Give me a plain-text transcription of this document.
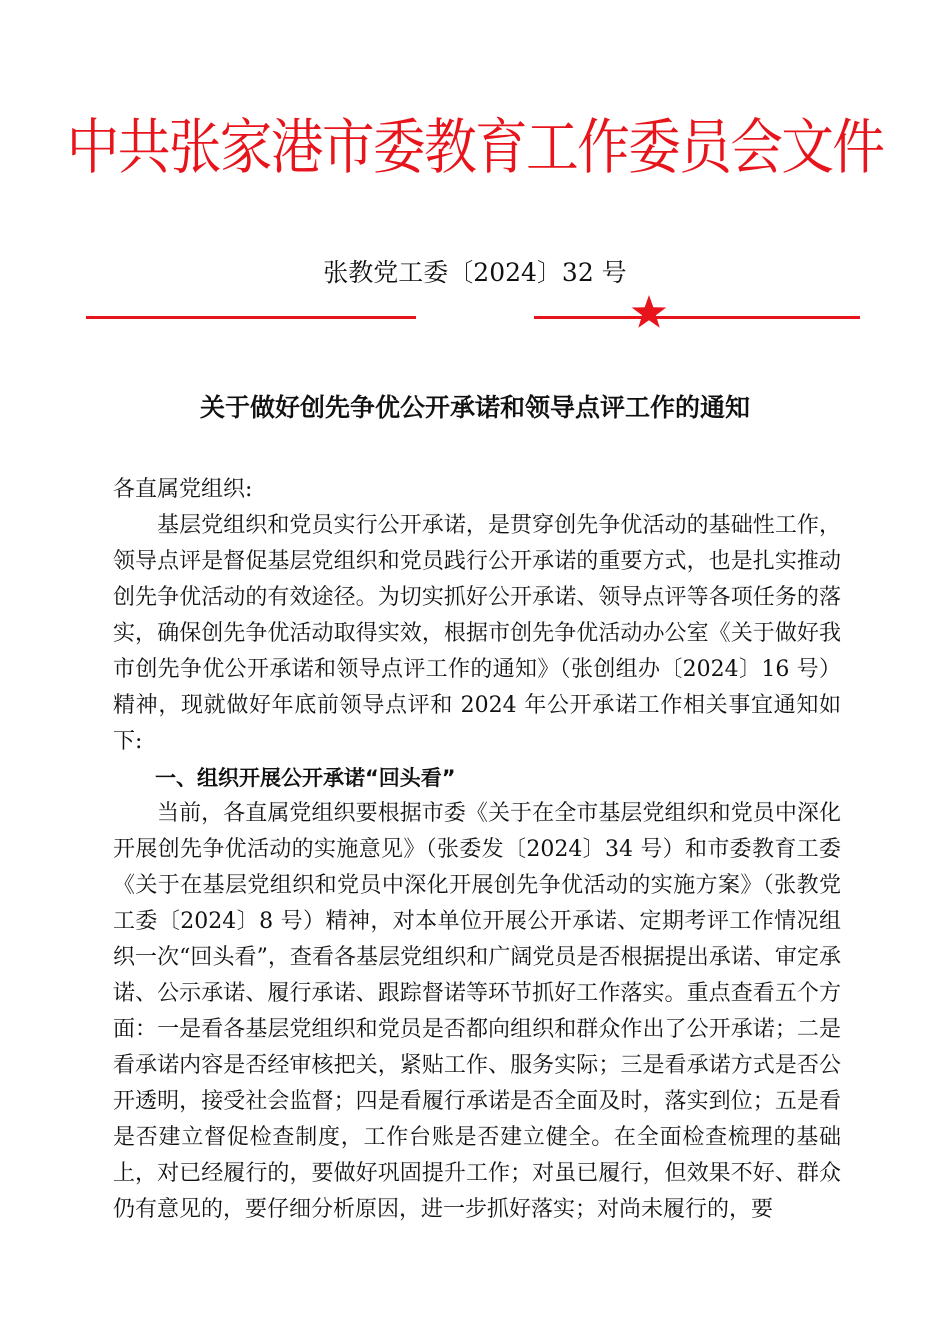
中共张家港市委教育工作委员会文件
张教党工委〔2024〕32 号
关于做好创先争优公开承诺和领导点评工作的通知

各直属党组织:

基层党组织和党员实行公开承诺，是贯穿创先争优活动的基础性工作，领导点评是督促基层党组织和党员践行公开承诺的重要方式，也是扎实推动创先争优活动的有效途径。为切实抓好公开承诺、领导点评等各项任务的落实，确保创先争优活动取得实效，根据市创先争优活动办公室《关于做好我市创先争优公开承诺和领导点评工作的通知》（张创组办〔2024〕16 号）精神，现就做好年底前领导点评和 2024 年公开承诺工作相关事宜通知如下:

一、组织开展公开承诺“回头看”

当前，各直属党组织要根据市委《关于在全市基层党组织和党员中深化开展创先争优活动的实施意见》（张委发〔2024〕34 号）和市委教育工委《关于在基层党组织和党员中深化开展创先争优活动的实施方案》（张教党工委〔2024〕8 号）精神，对本单位开展公开承诺、定期考评工作情况组织一次“回头看”，查看各基层党组织和广阔党员是否根据提出承诺、审定承诺、公示承诺、履行承诺、跟踪督诺等环节抓好工作落实。重点查看五个方面：一是看各基层党组织和党员是否都向组织和群众作出了公开承诺；二是看承诺内容是否经审核把关，紧贴工作、服务实际；三是看承诺方式是否公开透明，接受社会监督；四是看履行承诺是否全面及时，落实到位；五是看是否建立督促检查制度，工作台账是否建立健全。在全面检查梳理的基础上，对已经履行的，要做好巩固提升工作；对虽已履行，但效果不好、群众仍有意见的，要仔细分析原因，进一步抓好落实；对尚未履行的，要
